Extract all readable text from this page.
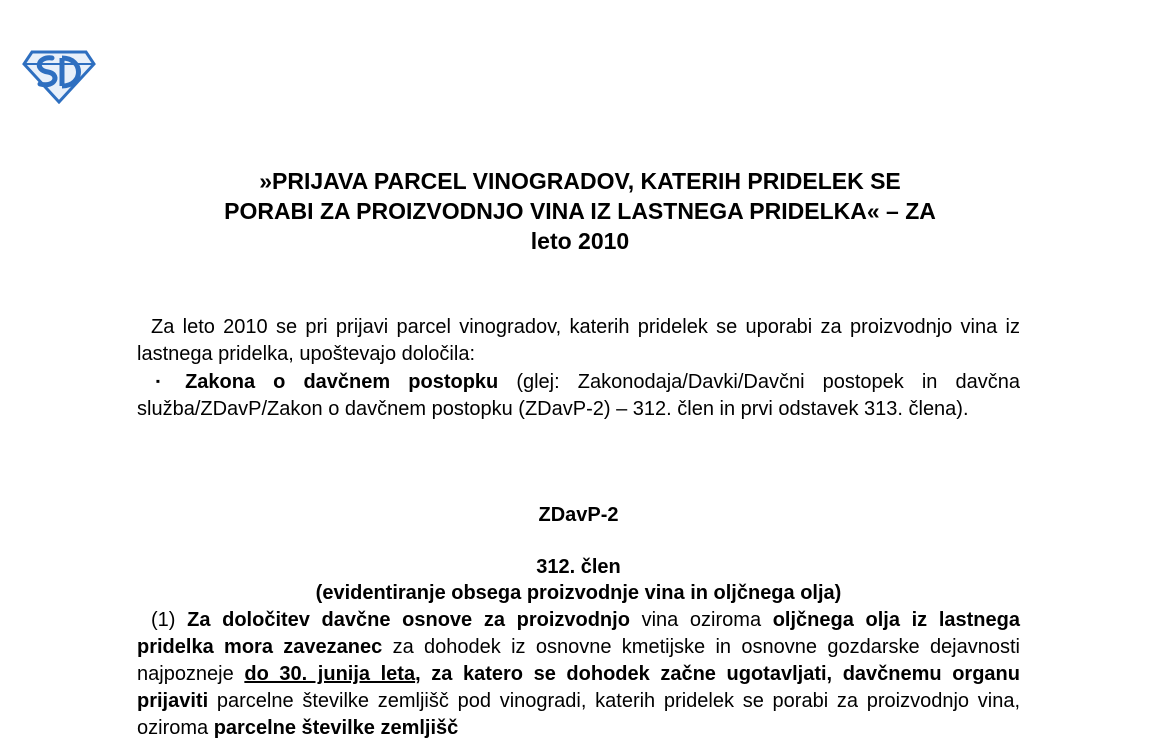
»PRIJAVA PARCEL VINOGRADOV, KATERIH PRIDELEK SE
PORABI ZA PROIZVODNJO VINA IZ LASTNEGA PRIDELKA« – ZA
leto 2010
Za leto 2010 se pri prijavi parcel vinogradov, katerih pridelek se uporabi za proizvodnjo vina iz lastnega pridelka, upoštevajo določila:
▪ Zakona o davčnem postopku (glej: Zakonodaja/Davki/Davčni postopek in davčna služba/ZDavP/Zakon o davčnem postopku (ZDavP-2) – 312. člen in prvi odstavek 313. člena).
ZDavP-2
312. člen
(evidentiranje obsega proizvodnje vina in oljčnega olja)
(1) Za določitev davčne osnove za proizvodnjo vina oziroma oljčnega olja iz lastnega pridelka mora zavezanec za dohodek iz osnovne kmetijske in osnovne gozdarske dejavnosti najpozneje do 30. junija leta, za katero se dohodek začne ugotavljati, davčnemu organu prijaviti parcelne številke zemljišč pod vinogradi, katerih pridelek se porabi za proizvodnjo vina, oziroma parcelne številke zemljišč
